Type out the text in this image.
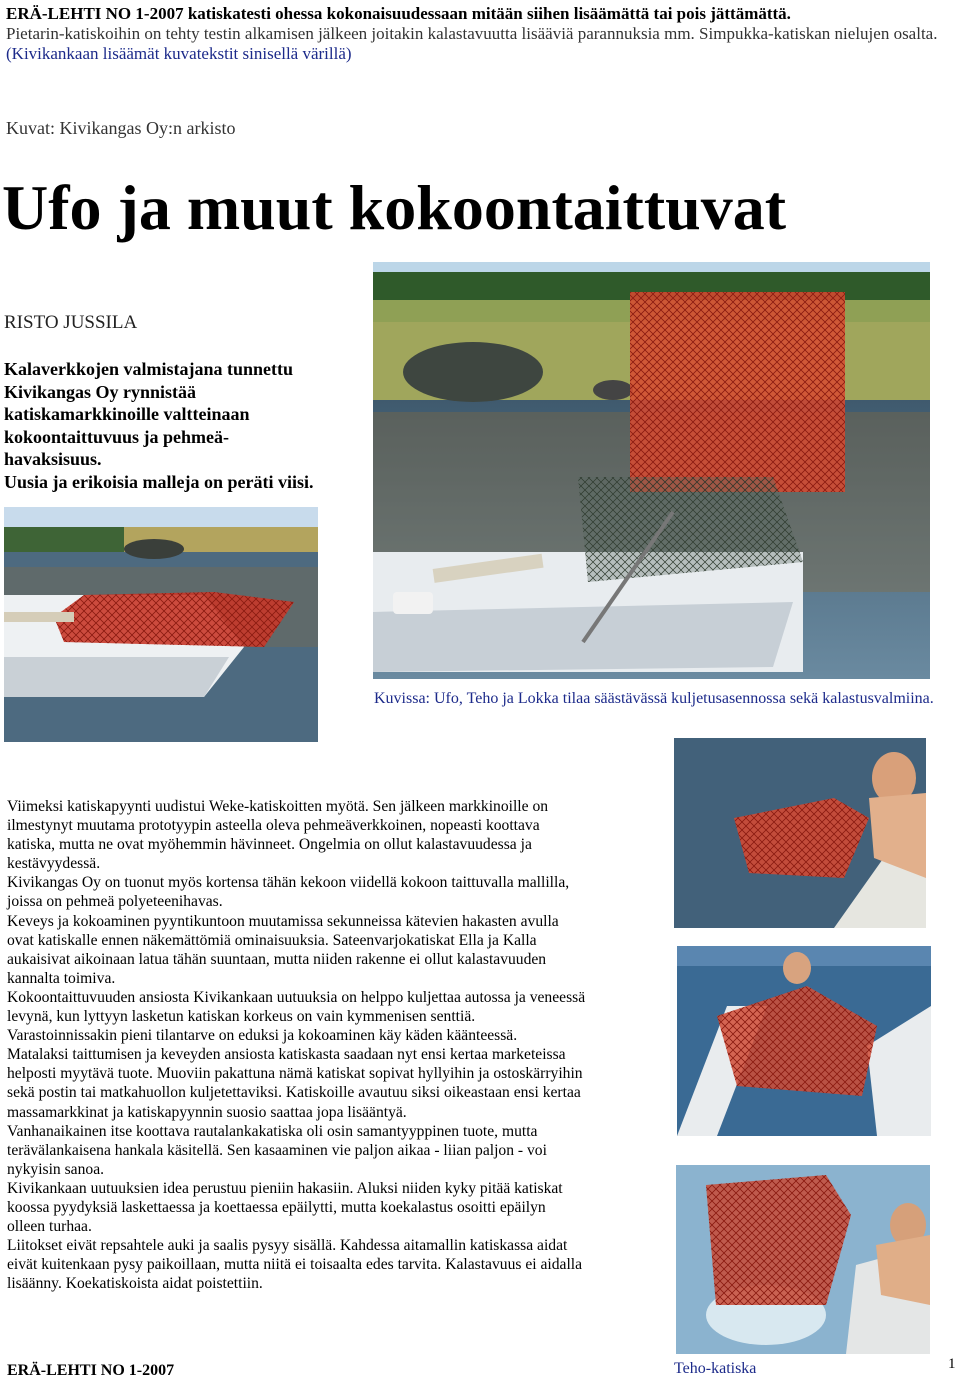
ERÄ-LEHTI NO 1-2007 katiskatesti ohessa kokonaisuudessaan mitään siihen lisäämättä tai pois jättämättä.
Pietarin-katiskoihin on tehty testin alkamisen jälkeen joitakin kalastavuutta lisääviä parannuksia mm. Simpukka-katiskan nielujen osalta.
(Kivikankaan lisäämät kuvatekstit sinisellä värillä)
Kuvat: Kivikangas Oy:n arkisto
Ufo ja muut kokoontaittuvat
RISTO JUSSILA
Kalaverkkojen valmistajana tunnettu
Kivikangas Oy rynnistää
katiskamarkkinoille valtteinaan
kokoontaittuvuus ja pehmeä-
havaksisuus.
Uusia ja erikoisia malleja on peräti viisi.
Kuvissa: Ufo, Teho ja Lokka tilaa säästävässä kuljetusasennossa sekä kalastusvalmiina.

Viimeksi katiskapyynti uudistui Weke-katiskoitten myötä. Sen jälkeen markkinoille on ilmestynyt muutama prototyypin asteella oleva pehmeäverkkoinen, nopeasti koottava katiska, mutta ne ovat myöhemmin hävinneet. Ongelmia on ollut kalastavuudessa ja kestävyydessä.

Kivikangas Oy on tuonut myös kortensa tähän kekoon viidellä kokoon taittuvalla mallilla, joissa on pehmeä polyeteenihavas.

Keveys ja kokoaminen pyyntikuntoon muutamissa sekunneissa kätevien hakasten avulla ovat katiskalle ennen näkemättömiä ominaisuuksia. Sateenvarjokatiskat Ella ja Kalla aukaisivat aikoinaan latua tähän suuntaan, mutta niiden rakenne ei ollut kalastavuuden kannalta toimiva.

Kokoontaittuvuuden ansiosta Kivikankaan uutuuksia on helppo kuljettaa autossa ja veneessä levynä, kun lyttyyn lasketun katiskan korkeus on vain kymmenisen senttiä. Varastoinnissakin pieni tilantarve on eduksi ja kokoaminen käy käden käänteessä.

Matalaksi taittumisen ja keveyden ansiosta katiskasta saadaan nyt ensi kertaa marketeissa helposti myytävä tuote. Muoviin pakattuna nämä katiskat sopivat hyllyihin ja ostoskärryihin sekä postin tai matkahuollon kuljetettaviksi. Katiskoille avautuu siksi oikeastaan ensi kertaa massamarkkinat ja katiskapyynnin suosio saattaa jopa lisääntyä.

Vanhanaikainen itse koottava rautalankakatiska oli osin samantyyppinen tuote, mutta terävälankaisena hankala käsitellä. Sen kasaaminen vie paljon aikaa - liian paljon - voi nykyisin sanoa.

Kivikankaan uutuuksien idea perustuu pieniin hakasiin. Aluksi niiden kyky pitää katiskat koossa pyydyksiä laskettaessa ja koettaessa epäilytti, mutta koekalastus osoitti epäilyn olleen turhaa.

Liitokset eivät repsahtele auki ja saalis pysyy sisällä. Kahdessa aitamallin katiskassa aidat eivät kuitenkaan pysy paikoillaan, mutta niitä ei toisaalta edes tarvita. Kalastavuus ei aidalla lisäänny. Koekatiskoista aidat poistettiin.

ERÄ-LEHTI NO 1-2007	Teho-katiska	1
